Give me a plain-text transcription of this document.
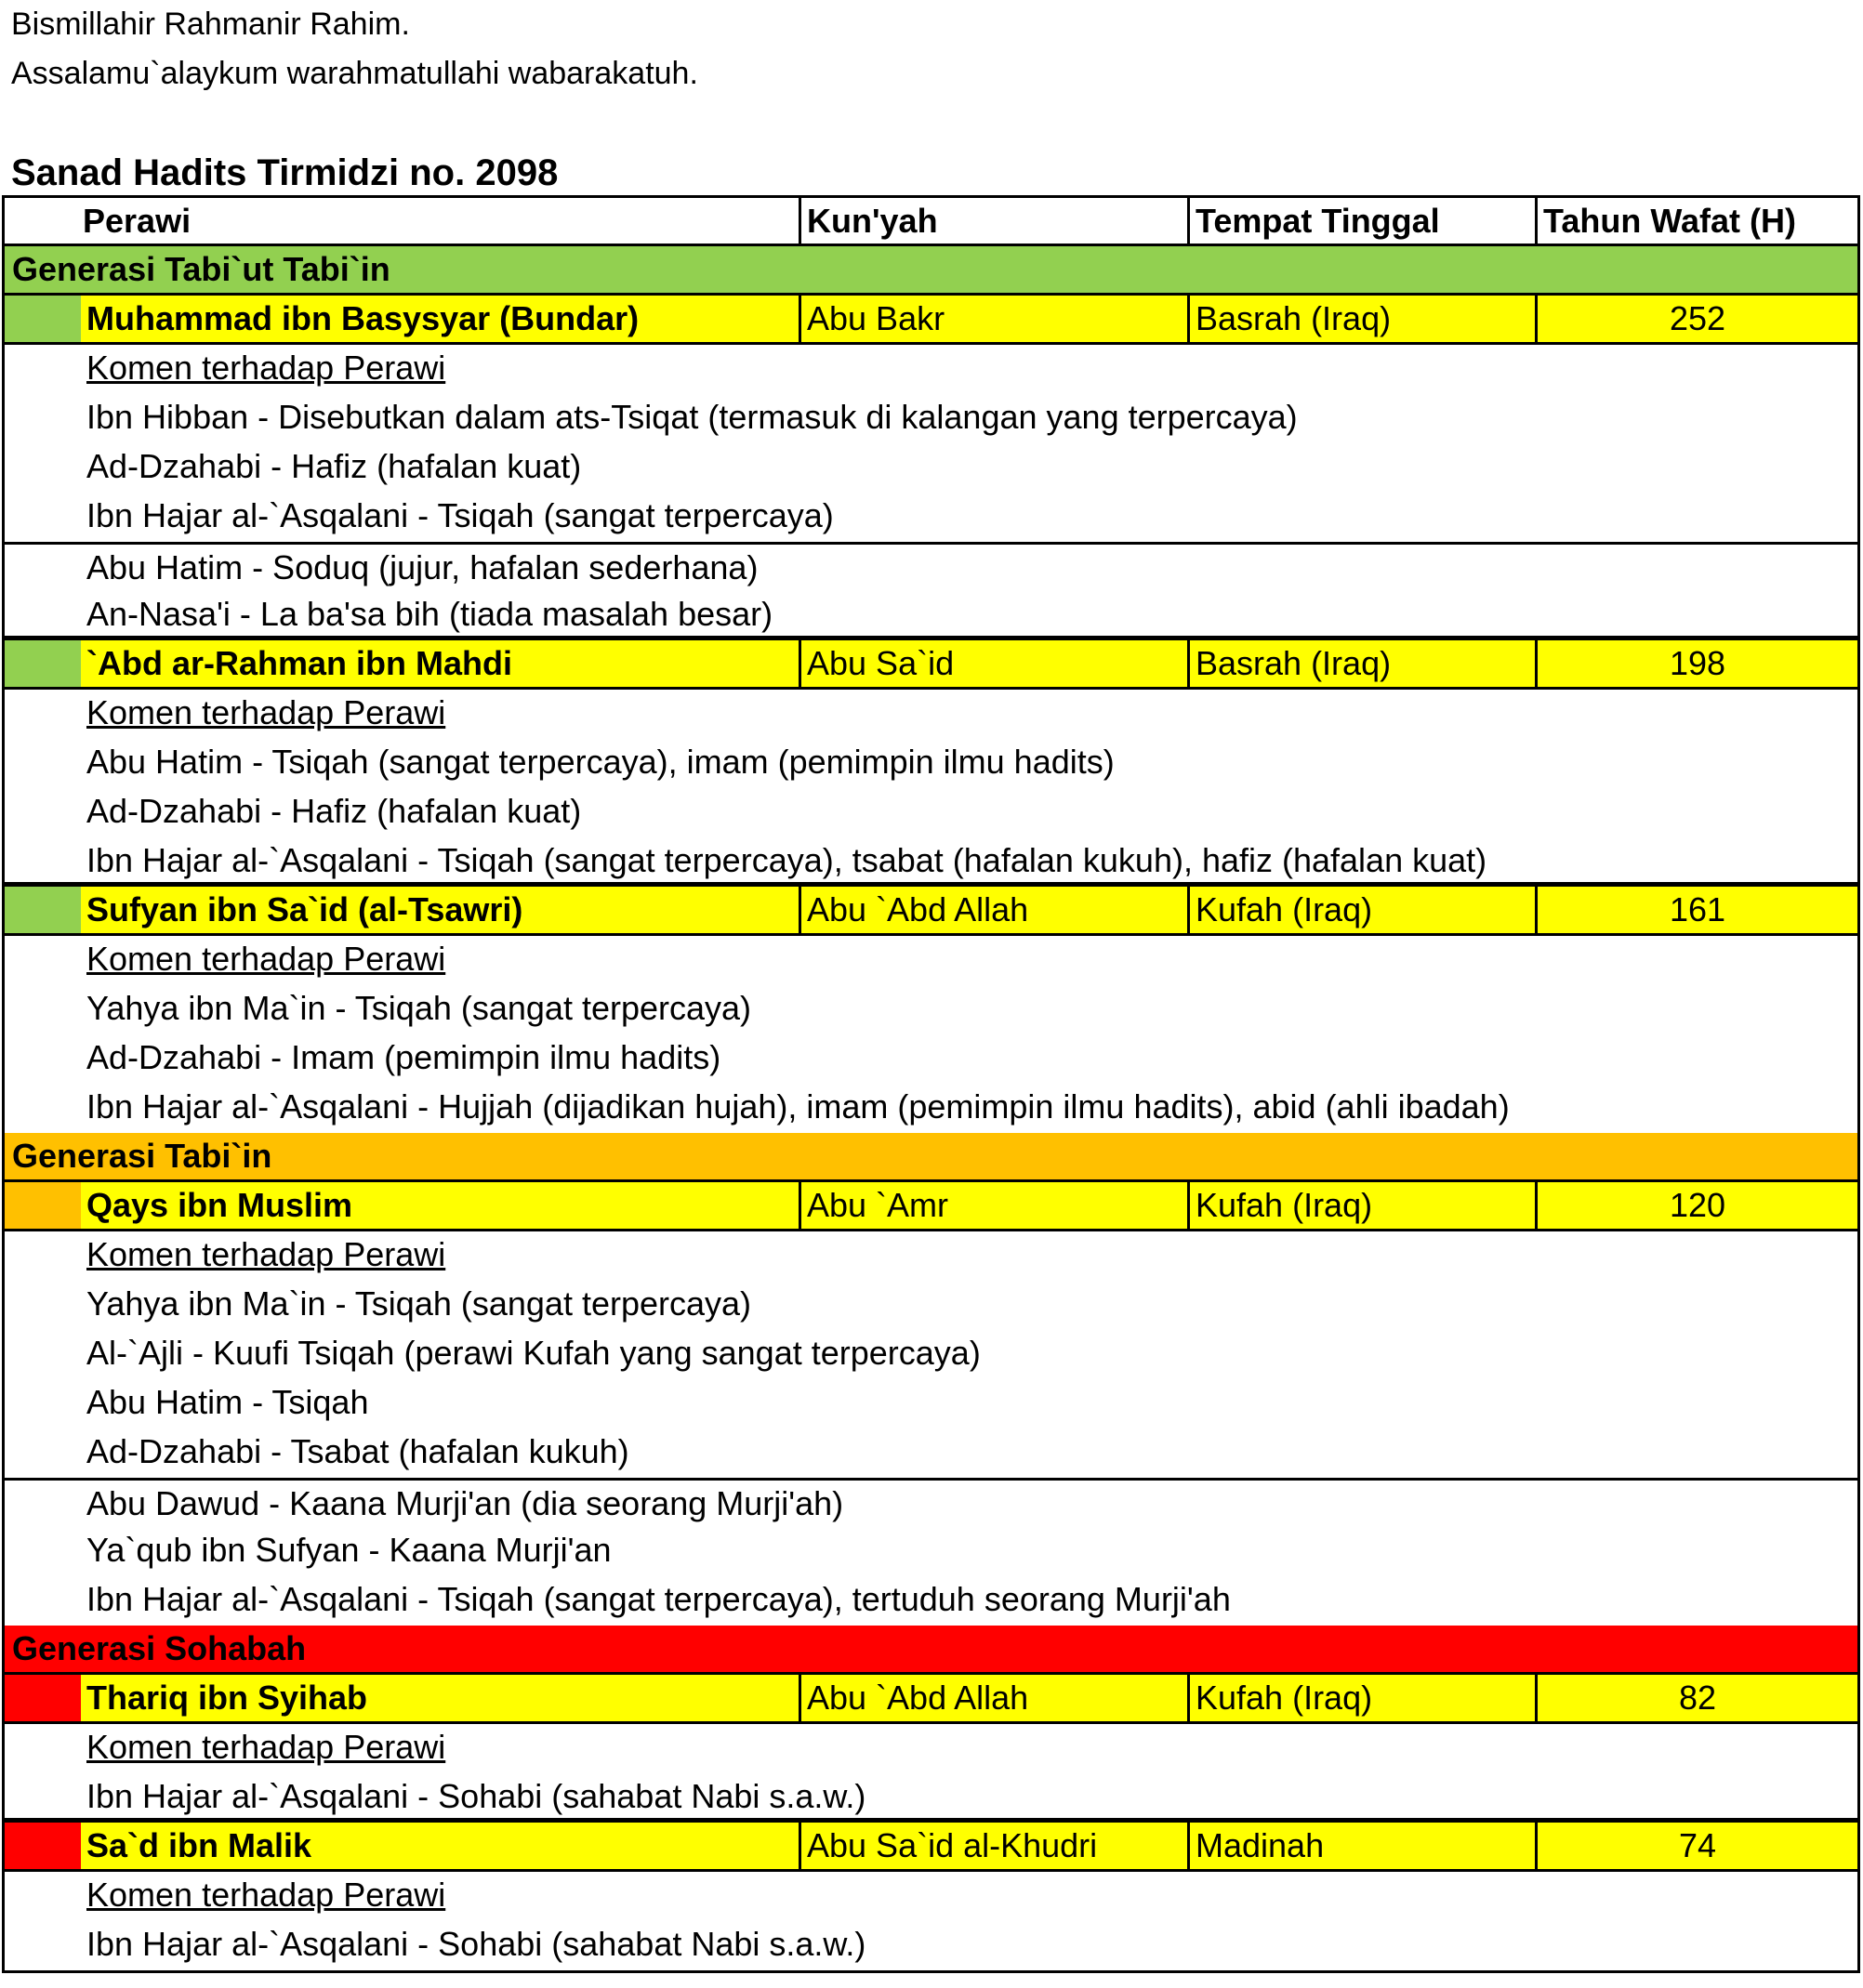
Bismillahir Rahmanir Rahim.
Assalamu`alaykum warahmatullahi wabarakatuh.
Sanad Hadits Tirmidzi no. 2098
Perawi	Kun'yah	Tempat Tinggal	Tahun Wafat (H)
Generasi Tabi`ut Tabi`in
Muhammad ibn Basysyar (Bundar)	Abu Bakr	Basrah (Iraq)	252
Komen terhadap Perawi
Ibn Hibban - Disebutkan dalam ats-Tsiqat (termasuk di kalangan yang terpercaya)
Ad-Dzahabi - Hafiz (hafalan kuat)
Ibn Hajar al-`Asqalani - Tsiqah (sangat terpercaya)
Abu Hatim - Soduq (jujur, hafalan sederhana)
An-Nasa'i - La ba'sa bih (tiada masalah besar)
`Abd ar-Rahman ibn Mahdi	Abu Sa`id	Basrah (Iraq)	198
Komen terhadap Perawi
Abu Hatim - Tsiqah (sangat terpercaya), imam (pemimpin ilmu hadits)
Ad-Dzahabi - Hafiz (hafalan kuat)
Ibn Hajar al-`Asqalani - Tsiqah (sangat terpercaya), tsabat (hafalan kukuh), hafiz (hafalan kuat)
Sufyan ibn Sa`id (al-Tsawri)	Abu `Abd Allah	Kufah (Iraq)	161
Komen terhadap Perawi
Yahya ibn Ma`in - Tsiqah (sangat terpercaya)
Ad-Dzahabi - Imam (pemimpin ilmu hadits)
Ibn Hajar al-`Asqalani - Hujjah (dijadikan hujah), imam (pemimpin ilmu hadits), abid (ahli ibadah)
Generasi Tabi`in
Qays ibn Muslim	Abu `Amr	Kufah (Iraq)	120
Komen terhadap Perawi
Yahya ibn Ma`in - Tsiqah (sangat terpercaya)
Al-`Ajli - Kuufi Tsiqah (perawi Kufah yang sangat terpercaya)
Abu Hatim - Tsiqah
Ad-Dzahabi - Tsabat (hafalan kukuh)
Abu Dawud - Kaana Murji'an (dia seorang Murji'ah)
Ya`qub ibn Sufyan - Kaana Murji'an
Ibn Hajar al-`Asqalani - Tsiqah (sangat terpercaya), tertuduh seorang Murji'ah
Generasi Sohabah
Thariq ibn Syihab	Abu `Abd Allah	Kufah (Iraq)	82
Komen terhadap Perawi
Ibn Hajar al-`Asqalani - Sohabi (sahabat Nabi s.a.w.)
Sa`d ibn Malik	Abu Sa`id al-Khudri	Madinah	74
Komen terhadap Perawi
Ibn Hajar al-`Asqalani - Sohabi (sahabat Nabi s.a.w.)
